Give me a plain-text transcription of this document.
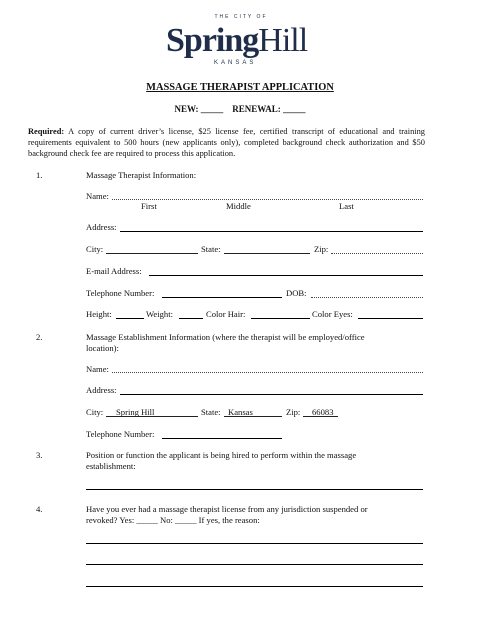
THE CITY OF
SpringHill
KANSAS
MASSAGE THERAPIST APPLICATION
NEW: _____ RENEWAL: _____
Required: A copy of current driver’s license, $25 license fee, certified transcript of educational and training requirements equivalent to 500 hours (new applicants only), completed background check authorization and $50 background check fee are required to process this application.
1.	Massage Therapist Information:
Name:
First	Middle	Last
Address:
City:	State:	Zip:
E-mail Address:
Telephone Number:	DOB:
Height:	Weight:	Color Hair:	Color Eyes:
2.	Massage Establishment Information (where the therapist will be employed/office
location):
Name:
Address:
City: Spring Hill	State: Kansas	Zip: 66083
Telephone Number:
3.	Position or function the applicant is being hired to perform within the massage
establishment:
4.	Have you ever had a massage therapist license from any jurisdiction suspended or
revoked? Yes: _____ No: _____ If yes, the reason:
